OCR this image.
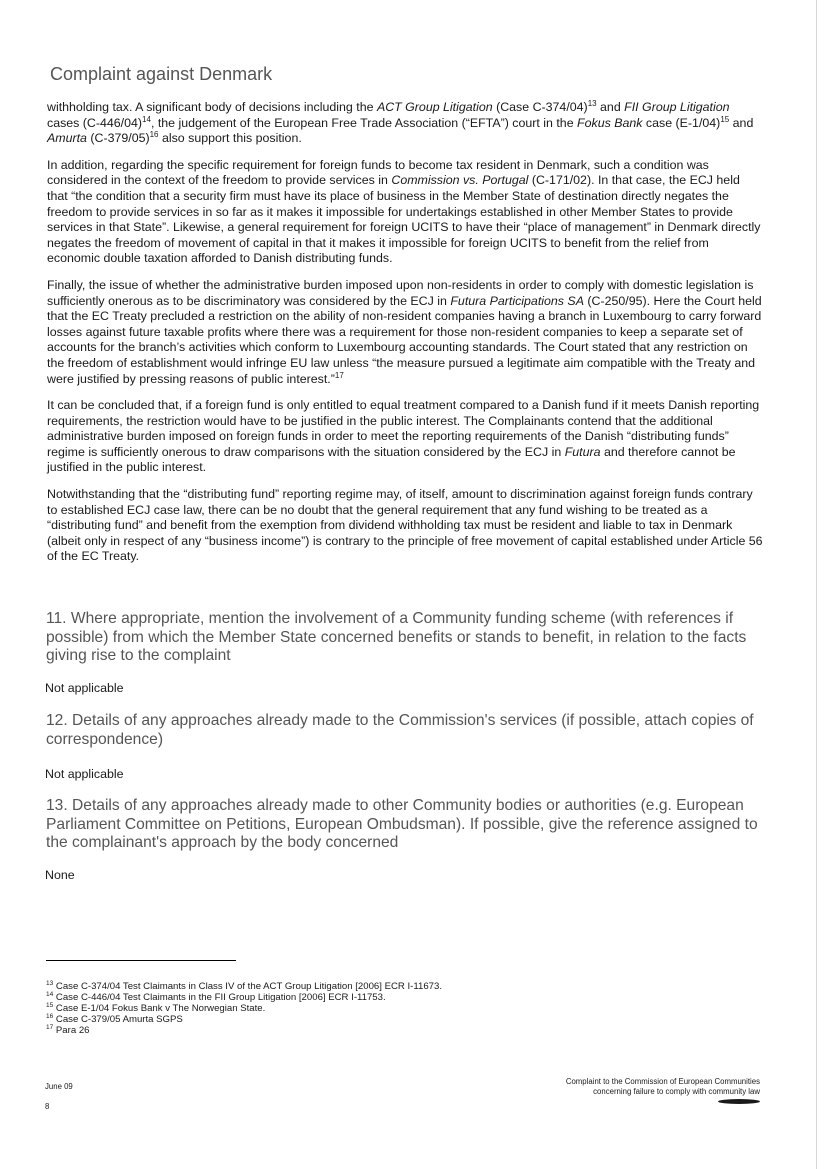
Complaint against Denmark

withholding tax. A significant body of decisions including the ACT Group Litigation (Case C-374/04)$^{13}$ and FII Group Litigation cases $(C-446/04)^{14}$, the judgement of the European Free Trade Association (“EFTA”) court in the Fokus Bank case $(E-1/04)^{15}$ and Amurta $(C-379/05)^{16}$ also support this position.

In addition, regarding the specific requirement for foreign funds to become tax resident in Denmark, such a condition was considered in the context of the freedom to provide services in Commission vs. Portugal (C-171/02). In that case, the ECJ held that “the condition that a security firm must have its place of business in the Member State of destination directly negates the freedom to provide services in so far as it makes it impossible for undertakings established in other Member States to provide services in that State”. Likewise, a general requirement for foreign UCITS to have their “place of management” in Denmark directly negates the freedom of movement of capital in that it makes it impossible for foreign UCITS to benefit from the relief from economic double taxation afforded to Danish distributing funds.

Finally, the issue of whether the administrative burden imposed upon non-residents in order to comply with domestic legislation is sufficiently onerous as to be discriminatory was considered by the ECJ in Futura Participations SA (C-250/95). Here the Court held that the EC Treaty precluded a restriction on the ability of non-resident companies having a branch in Luxembourg to carry forward losses against future taxable profits where there was a requirement for those non-resident companies to keep a separate set of accounts for the branch’s activities which conform to Luxembourg accounting standards. The Court stated that any restriction on the freedom of establishment would infringe EU law unless “the measure pursued a legitimate aim compatible with the Treaty and were justified by pressing reasons of public interest.”$^{17}$

It can be concluded that, if a foreign fund is only entitled to equal treatment compared to a Danish fund if it meets Danish reporting requirements, the restriction would have to be justified in the public interest. The Complainants contend that the additional administrative burden imposed on foreign funds in order to meet the reporting requirements of the Danish “distributing funds” regime is sufficiently onerous to draw comparisons with the situation considered by the ECJ in Futura and therefore cannot be justified in the public interest.

Notwithstanding that the “distributing fund” reporting regime may, of itself, amount to discrimination against foreign funds contrary to established ECJ case law, there can be no doubt that the general requirement that any fund wishing to be treated as a “distributing fund” and benefit from the exemption from dividend withholding tax must be resident and liable to tax in Denmark (albeit only in respect of any “business income”) is contrary to the principle of free movement of capital established under Article 56 of the EC Treaty.

11. Where appropriate, mention the involvement of a Community funding scheme (with references if possible) from which the Member State concerned benefits or stands to benefit, in relation to the facts giving rise to the complaint

Not applicable

12. Details of any approaches already made to the Commission's services (if possible, attach copies of correspondence)

Not applicable

13. Details of any approaches already made to other Community bodies or authorities (e.g. European Parliament Committee on Petitions, European Ombudsman). If possible, give the reference assigned to the complainant's approach by the body concerned

None
$^{13}$ Case C-374/04 Test Claimants in Class IV of the ACT Group Litigation [2006] ECR I-11673.
$^{14}$ Case C-446/04 Test Claimants in the FII Group Litigation [2006] ECR I-11753.
$^{15}$ Case E-1/04 Fokus Bank v The Norwegian State.
$^{16}$ Case C-379/05 Amurta SGPS
$^{17}$ Para 26
June 09
8
Complaint to the Commission of European Communities
concerning failure to comply with community law
